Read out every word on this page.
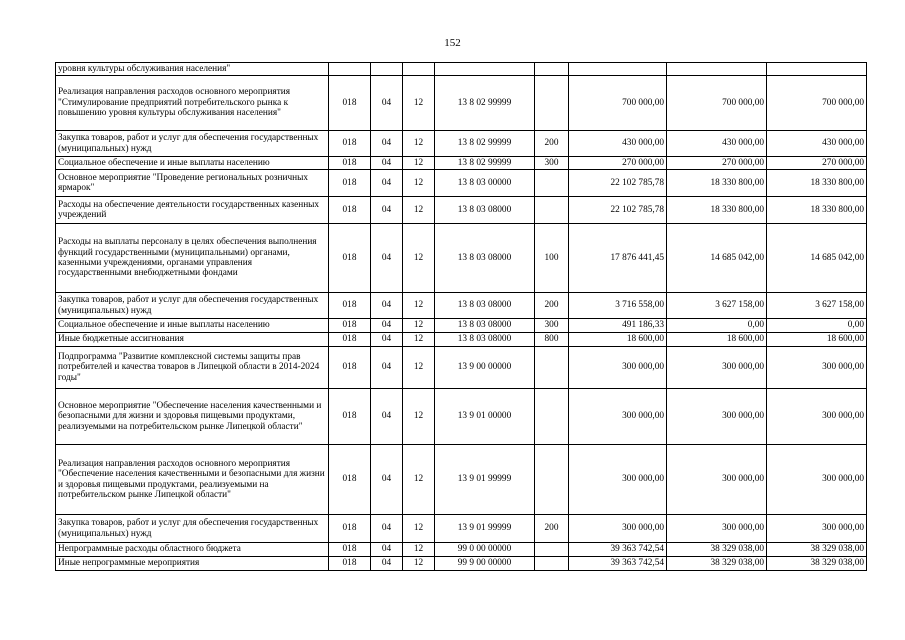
152
уровня культуры обслуживания населения"								
Реализация направления расходов основного мероприятия "Стимулирование предприятий потребительского рынка к повышению уровня культуры обслуживания населения"	018	04	12	13 8 02 99999		700 000,00	700 000,00	700 000,00
Закупка товаров, работ и услуг для обеспечения государственных (муниципальных) нужд	018	04	12	13 8 02 99999	200	430 000,00	430 000,00	430 000,00
Социальное обеспечение и иные выплаты населению	018	04	12	13 8 02 99999	300	270 000,00	270 000,00	270 000,00
Основное мероприятие "Проведение региональных розничных ярмарок"	018	04	12	13 8 03 00000		22 102 785,78	18 330 800,00	18 330 800,00
Расходы на обеспечение деятельности государственных казенных учреждений	018	04	12	13 8 03 08000		22 102 785,78	18 330 800,00	18 330 800,00
Расходы на выплаты персоналу в целях обеспечения выполнения функций государственными (муниципальными) органами, казенными учреждениями, органами управления государственными внебюджетными фондами	018	04	12	13 8 03 08000	100	17 876 441,45	14 685 042,00	14 685 042,00
Закупка товаров, работ и услуг для обеспечения государственных (муниципальных) нужд	018	04	12	13 8 03 08000	200	3 716 558,00	3 627 158,00	3 627 158,00
Социальное обеспечение и иные выплаты населению	018	04	12	13 8 03 08000	300	491 186,33	0,00	0,00
Иные бюджетные ассигнования	018	04	12	13 8 03 08000	800	18 600,00	18 600,00	18 600,00
Подпрограмма "Развитие комплексной системы защиты прав потребителей и качества товаров в Липецкой области в 2014-2024 годы"	018	04	12	13 9 00 00000		300 000,00	300 000,00	300 000,00
Основное мероприятие "Обеспечение населения качественными и безопасными для жизни и здоровья пищевыми продуктами, реализуемыми на потребительском рынке Липецкой области"	018	04	12	13 9 01 00000		300 000,00	300 000,00	300 000,00
Реализация направления расходов основного мероприятия "Обеспечение населения качественными и безопасными для жизни и здоровья пищевыми продуктами, реализуемыми на потребительском рынке Липецкой области"	018	04	12	13 9 01 99999		300 000,00	300 000,00	300 000,00
Закупка товаров, работ и услуг для обеспечения государственных (муниципальных) нужд	018	04	12	13 9 01 99999	200	300 000,00	300 000,00	300 000,00
Непрограммные расходы областного бюджета	018	04	12	99 0 00 00000		39 363 742,54	38 329 038,00	38 329 038,00
Иные непрограммные мероприятия	018	04	12	99 9 00 00000		39 363 742,54	38 329 038,00	38 329 038,00
